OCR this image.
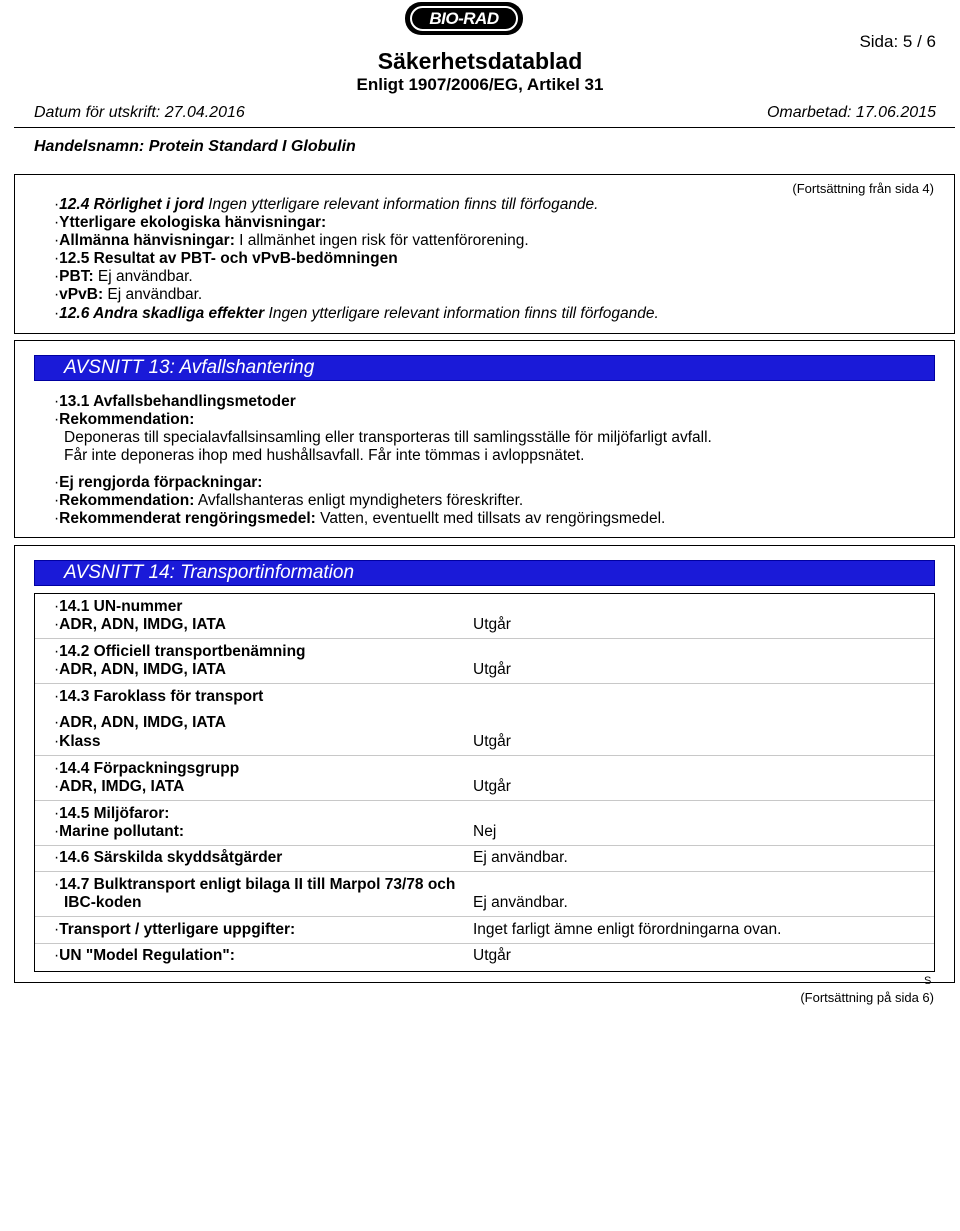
BIO-RAD
Sida: 5 / 6
Säkerhetsdatablad
Enligt 1907/2006/EG, Artikel 31
Datum för utskrift: 27.04.2016	Omarbetad: 17.06.2015
Handelsnamn: Protein Standard I Globulin
(Fortsättning från sida 4)
· 12.4 Rörlighet i jord Ingen ytterligare relevant information finns till förfogande.
· Ytterligare ekologiska hänvisningar:
· Allmänna hänvisningar: I allmänhet ingen risk för vattenförorening.
· 12.5 Resultat av PBT- och vPvB-bedömningen
· PBT: Ej användbar.
· vPvB: Ej användbar.
· 12.6 Andra skadliga effekter Ingen ytterligare relevant information finns till förfogande.
AVSNITT 13: Avfallshantering
· 13.1 Avfallsbehandlingsmetoder
· Rekommendation:
Deponeras till specialavfallsinsamling eller transporteras till samlingsställe för miljöfarligt avfall.
Får inte deponeras ihop med hushållsavfall. Får inte tömmas i avloppsnätet.
· Ej rengjorda förpackningar:
· Rekommendation: Avfallshanteras enligt myndigheters föreskrifter.
· Rekommenderat rengöringsmedel: Vatten, eventuellt med tillsats av rengöringsmedel.
AVSNITT 14: Transportinformation
· 14.1 UN-nummer
· ADR, ADN, IMDG, IATA	Utgår
· 14.2 Officiell transportbenämning
· ADR, ADN, IMDG, IATA	Utgår
· 14.3 Faroklass för transport
· ADR, ADN, IMDG, IATA
· Klass	Utgår
· 14.4 Förpackningsgrupp
· ADR, IMDG, IATA	Utgår
· 14.5 Miljöfaror:
· Marine pollutant:	Nej
· 14.6 Särskilda skyddsåtgärder	Ej användbar.
· 14.7 Bulktransport enligt bilaga II till Marpol 73/78 och
IBC-koden	Ej användbar.
· Transport / ytterligare uppgifter:	Inget farligt ämne enligt förordningarna ovan.
· UN "Model Regulation":	Utgår
S
(Fortsättning på sida 6)
